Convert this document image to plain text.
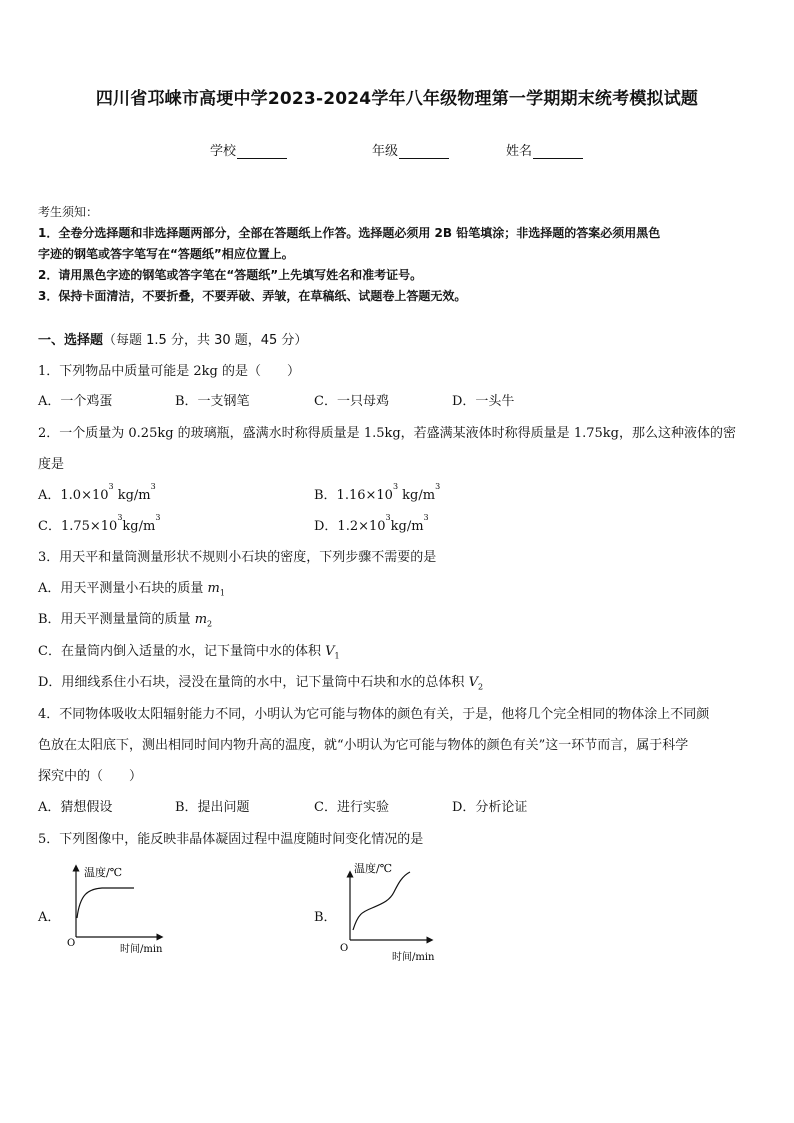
四川省邛崃市高埂中学2023-2024学年八年级物理第一学期期末统考模拟试题
学校	年级	姓名
考生须知：
1．全卷分选择题和非选择题两部分，全部在答题纸上作答。选择题必须用 2B 铅笔填涂；非选择题的答案必须用黑色
字迹的钢笔或答字笔写在“答题纸”相应位置上。
2．请用黑色字迹的钢笔或答字笔在“答题纸”上先填写姓名和准考证号。
3．保持卡面清洁，不要折叠，不要弄破、弄皱，在草稿纸、试题卷上答题无效。
一、选择题（每题 1.5 分，共 30 题，45 分）
1．下列物品中质量可能是 2kg 的是（　　）
A．一个鸡蛋	B．一支钢笔	C．一只母鸡	D．一头牛
2．一个质量为 0.25kg 的玻璃瓶，盛满水时称得质量是 1.5kg，若盛满某液体时称得质量是 1.75kg，那么这种液体的密
度是
A．$1.0\times 10^3$ $kg/m^3$
B．$1.16\times 10^3$ $kg/m^3$
C．$1.75\times 10^3kg/m^3$
D．$1.2\times 10^3kg/m^3$
3．用天平和量筒测量形状不规则小石块的密度，下列步骤不需要的是
A．用天平测量小石块的质量 $m_1$
B．用天平测量量筒的质量 $m_2$
C．在量筒内倒入适量的水，记下量筒中水的体积 $V_1$
D．用细线系住小石块，浸没在量筒的水中，记下量筒中石块和水的总体积 $V_2$
4．不同物体吸收太阳辐射能力不同，小明认为它可能与物体的颜色有关，于是，他将几个完全相同的物体涂上不同颜
色放在太阳底下，测出相同时间内物升高的温度，就“小明认为它可能与物体的颜色有关”这一环节而言，属于科学
探究中的（　　）
A．猜想假设	B．提出问题	C．进行实验	D．分析论证
5．下列图像中，能反映非晶体凝固过程中温度随时间变化情况的是
A．
温度/℃
时间/min
O
B．
温度/℃
时间/min
O
